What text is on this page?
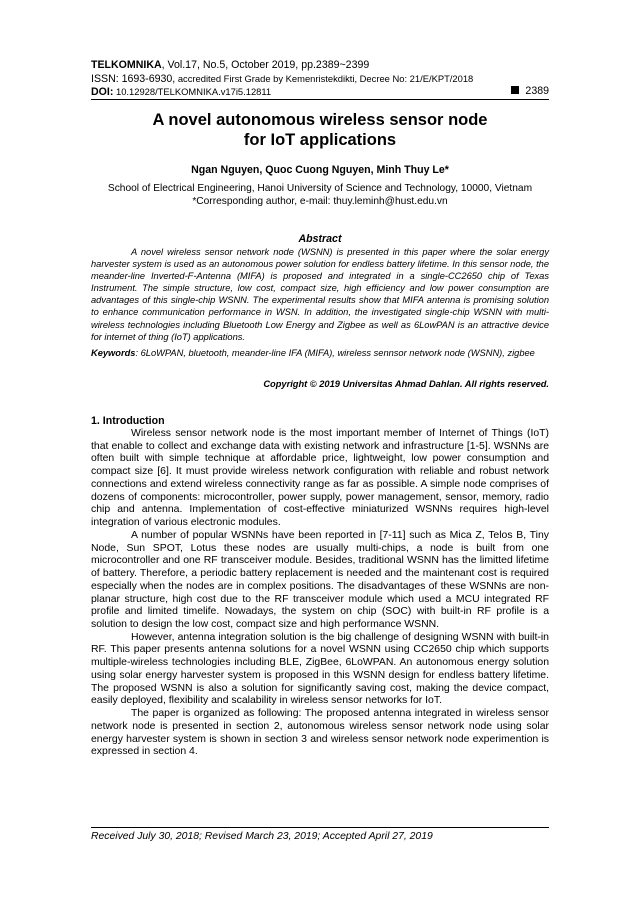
TELKOMNIKA, Vol.17, No.5, October 2019, pp.2389~2399
ISSN: 1693-6930, accredited First Grade by Kemenristekdikti, Decree No: 21/E/KPT/2018
DOI: 10.12928/TELKOMNIKA.v17i5.12811	2389
A novel autonomous wireless sensor node
for IoT applications
Ngan Nguyen, Quoc Cuong Nguyen, Minh Thuy Le*
School of Electrical Engineering, Hanoi University of Science and Technology, 10000, Vietnam
*Corresponding author, e-mail: thuy.leminh@hust.edu.vn
Abstract

A novel wireless sensor network node (WSNN) is presented in this paper where the solar energy harvester system is used as an autonomous power solution for endless battery lifetime. In this sensor node, the meander-line Inverted-F-Antenna (MIFA) is proposed and integrated in a single-CC2650 chip of Texas Instrument. The simple structure, low cost, compact size, high efficiency and low power consumption are advantages of this single-chip WSNN. The experimental results show that MIFA antenna is promising solution to enhance communication performance in WSN. In addition, the investigated single-chip WSNN with multi-wireless technologies including Bluetooth Low Energy and Zigbee as well as 6LowPAN is an attractive device for internet of thing (IoT) applications.

Keywords: 6LoWPAN, bluetooth, meander-line IFA (MIFA), wireless sennsor network node (WSNN), zigbee

Copyright © 2019 Universitas Ahmad Dahlan. All rights reserved.
1. Introduction

Wireless sensor network node is the most important member of Internet of Things (IoT) that enable to collect and exchange data with existing network and infrastructure [1-5]. WSNNs are often built with simple technique at affordable price, lightweight, low power consumption and compact size [6]. It must provide wireless network configuration with reliable and robust network connections and extend wireless connectivity range as far as possible. A simple node comprises of dozens of components: microcontroller, power supply, power management, sensor, memory, radio chip and antenna. Implementation of cost-effective miniaturized WSNNs requires high-level integration of various electronic modules.

A number of popular WSNNs have been reported in [7-11] such as Mica Z, Telos B, Tiny Node, Sun SPOT, Lotus these nodes are usually multi-chips, a node is built from one microcontroller and one RF transceiver module. Besides, traditional WSNN has the limitted lifetime of battery. Therefore, a periodic battery replacement is needed and the maintenant cost is required especially when the nodes are in complex positions. The disadvantages of these WSNNs are non-planar structure, high cost due to the RF transceiver module which used a MCU integrated RF profile and limited timelife. Nowadays, the system on chip (SOC) with built-in RF profile is a solution to design the low cost, compact size and high performance WSNN.

However, antenna integration solution is the big challenge of designing WSNN with built-in RF. This paper presents antenna solutions for a novel WSNN using CC2650 chip which supports multiple-wireless technologies including BLE, ZigBee, 6LoWPAN. An autonomous energy solution using solar energy harvester system is proposed in this WSNN design for endless battery lifetime. The proposed WSNN is also a solution for significantly saving cost, making the device compact, easily deployed, flexibility and scalability in wireless sensor networks for IoT.

The paper is organized as following: The proposed antenna integrated in wireless sensor network node is presented in section 2, autonomous wireless sensor network node using solar energy harvester system is shown in section 3 and wireless sensor network node experimention is expressed in section 4.

Received July 30, 2018; Revised March 23, 2019; Accepted April 27, 2019
